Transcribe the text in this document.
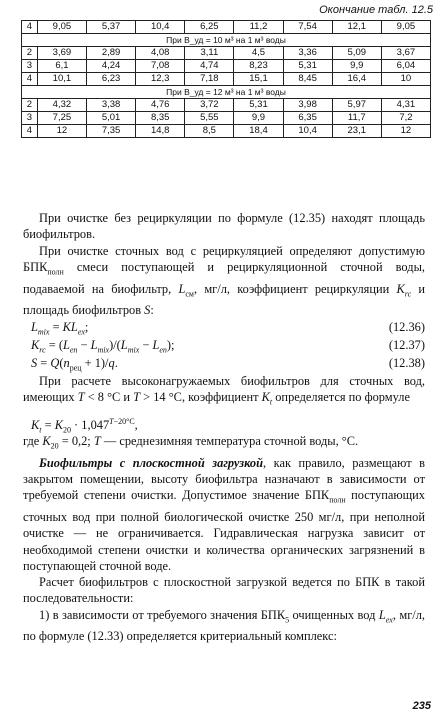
Окончание табл. 12.5
4	9,05	5,37	10,4	6,25	11,2	7,54	12,1	9,05
При B_уд = 10 м³ на 1 м³ воды								
2	3,69	2,89	4,08	3,11	4,5	3,36	5,09	3,67
3	6,1	4,24	7,08	4,74	8,23	5,31	9,9	6,04
4	10,1	6,23	12,3	7,18	15,1	8,45	16,4	10
При B_уд = 12 м³ на 1 м³ воды								
2	4,32	3,38	4,76	3,72	5,31	3,98	5,97	4,31
3	7,25	5,01	8,35	5,55	9,9	6,35	11,7	7,2
4	12	7,35	14,8	8,5	18,4	10,4	23,1	12

При очистке без рециркуляции по формуле (12.35) находят площадь биофильтров.

При очистке сточных вод с рециркуляцией определяют допустимую $БПК_{полн}$ смеси поступающей и рециркуляционной сточной воды, подаваемой на биофильтр, $L_{см}$, мг/л, коэффициент рециркуляции $K_{rc}$ и площадь биофильтров S:

$L_{mix} = KL_{ex}$;	(12.36)
$K_{rc} = (L_{en} - L_{mix})/(L_{mix} - L_{en})$;	(12.37)
$S = Q(n_{рец} + 1)/q$.	(12.38)

При расчете высоконагружаемых биофильтров для сточных вод, имеющих T < 8 °С и T > 14 °С, коэффициент $K_t$ определяется по формуле

$K_t = K_{20} \cdot 1,047^{T-20^\circ C}$,

где $K_{20} = 0,2$; T — среднезимняя температура сточной воды, °С.

Биофильтры с плоскостной загрузкой, как правило, размещают в закрытом помещении, высоту биофильтра назначают в зависимости от требуемой степени очистки. Допустимое значение $БПК_{полн}$ поступающих сточных вод при полной биологической очистке 250 мг/л, при неполной очистке — не ограничивается. Гидравлическая нагрузка зависит от необходимой степени очистки и количества органических загрязнений в поступающей сточной воде.

Расчет биофильтров с плоскостной загрузкой ведется по БПК в такой последовательности:

1) в зависимости от требуемого значения $БПК_5$ очищенных вод $L_{ex}$, мг/л, по формуле (12.33) определяется критериальный комплекс:

235
